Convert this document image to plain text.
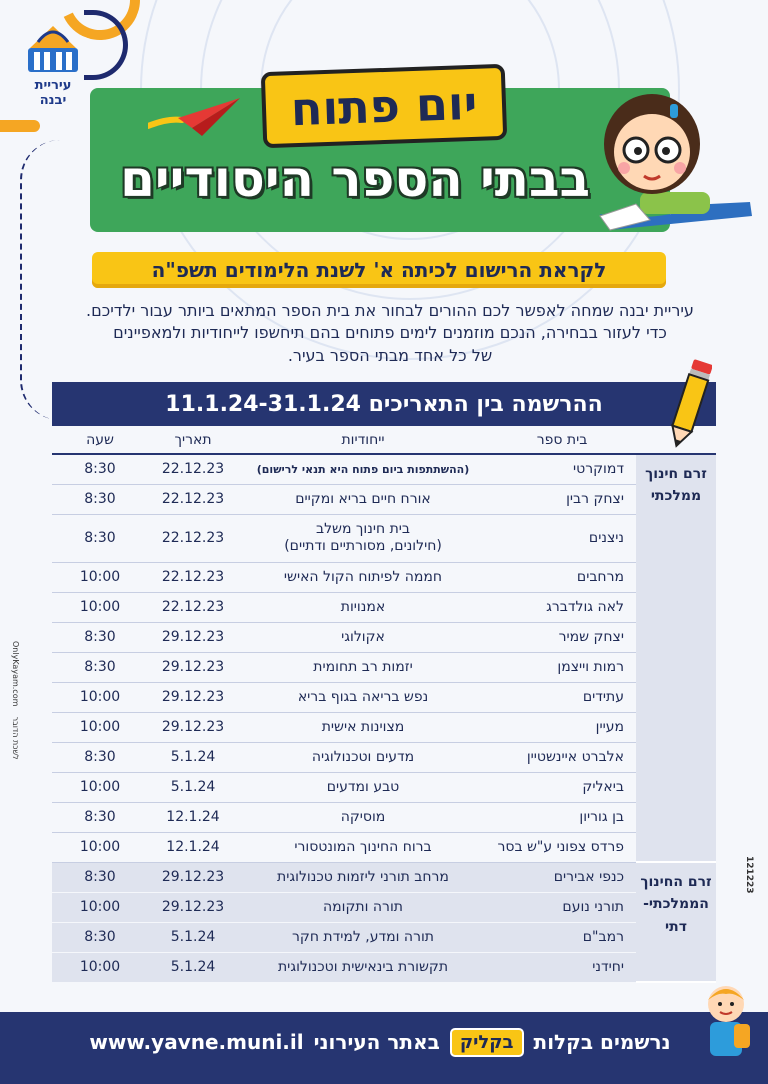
עיריית יבנה	יום פתוח
בבתי הספר היסודיים
לקראת הרישום לכיתה א' לשנת הלימודים תשפ"ה
עיריית יבנה שמחה לאפשר לכם ההורים לבחור את בית הספר המתאים ביותר עבור ילדיכם.
כדי לעזור בבחירה, הנכם מוזמנים לימים פתוחים בהם תיחשפו לייחודיות ולמאפיינים
של כל אחד מבתי הספר בעיר.
ההרשמה בין התאריכים 11.1.24-31.1.24
	בית ספר	ייחודיות	תאריך	שעה

זרם חינוך
ממלכתי	דמוקרטי	(ההשתתפות ביום פתוח היא תנאי לרישום)	22.12.23	8:30
	יצחק רבין	אורח חיים בריא ומקיים	22.12.23	8:30
	ניצנים	בית חינוך משלב
(חילונים, מסורתיים ודתיים)	22.12.23	8:30
	מרחבים	חממה לפיתוח הקול האישי	22.12.23	10:00
	לאה גולדברג	אמנויות	22.12.23	10:00
	יצחק שמיר	אקולוגי	29.12.23	8:30
	רמות וייצמן	יזמות רב תחומית	29.12.23	8:30
	עתידים	נפש בריאה בגוף בריא	29.12.23	10:00
	מעיין	מצוינות אישית	29.12.23	10:00
	אלברט איינשטיין	מדעים וטכנולוגיה	5.1.24	8:30
	ביאליק	טבע ומדעים	5.1.24	10:00
	בן גוריון	מוסיקה	12.1.24	8:30
	פרדס צפוני ע"ש בסר	ברוח החינוך המונטסורי	12.1.24	10:00

זרם החינוך
הממלכתי-
דתי	כנפי אבירים	מרחב תורני ליזמות טכנולוגית	29.12.23	8:30
	תורני נועם	תורה ותקומה	29.12.23	10:00
	רמב"ם	תורה ומדע, למידת חקר	5.1.24	8:30
	יחידני	תקשורת בינאישית וטכנולוגית	5.1.24	10:00
לשכת הדובר    OnlyKayam.com
121223
נרשמים בקלות
בקליק
באתר העירוני
www.yavne.muni.il
